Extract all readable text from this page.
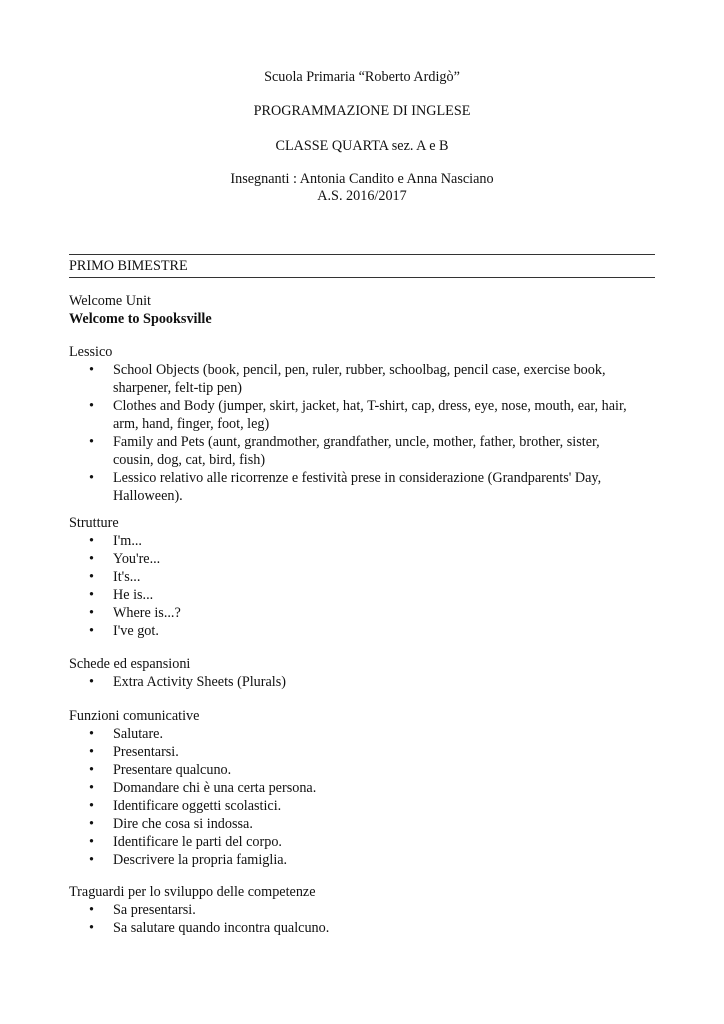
Scuola Primaria “Roberto Ardigò”
PROGRAMMAZIONE DI INGLESE
CLASSE QUARTA sez. A e B
Insegnanti : Antonia Candito e Anna Nasciano
A.S. 2016/2017
PRIMO BIMESTRE
Welcome Unit
Welcome to Spooksville
Lessico
• School Objects (book, pencil, pen, ruler, rubber, schoolbag, pencil case, exercise book, sharpener, felt-tip pen)
• Clothes and Body (jumper, skirt, jacket, hat, T-shirt, cap, dress, eye, nose, mouth, ear, hair, arm, hand, finger, foot, leg)
• Family and Pets (aunt, grandmother, grandfather, uncle, mother, father, brother, sister, cousin, dog, cat, bird, fish)
• Lessico relativo alle ricorrenze e festività prese in considerazione (Grandparents' Day, Halloween).
Strutture
• I'm...
• You're...
• It's...
• He is...
• Where is...?
• I've got.
Schede ed espansioni
• Extra Activity Sheets (Plurals)
Funzioni comunicative
• Salutare.
• Presentarsi.
• Presentare qualcuno.
• Domandare chi è una certa persona.
• Identificare oggetti scolastici.
• Dire che cosa si indossa.
• Identificare le parti del corpo.
• Descrivere la propria famiglia.
Traguardi per lo sviluppo delle competenze
• Sa presentarsi.
• Sa salutare quando incontra qualcuno.
